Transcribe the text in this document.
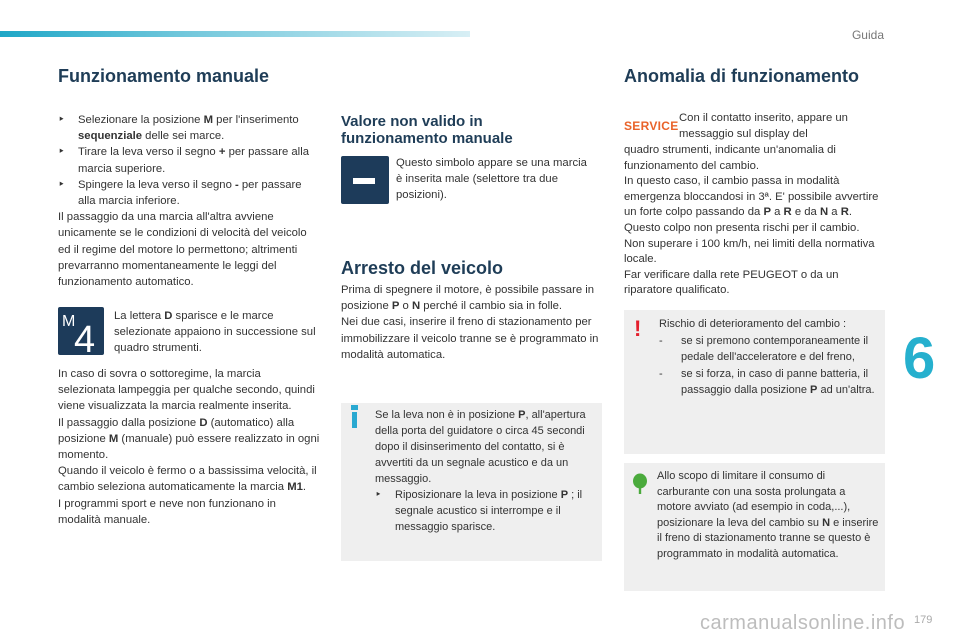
Guida
6
carmanualsonline.info 179
Funzionamento manuale
‣ Selezionare la posizione M per l'inserimento sequenziale delle sei marce.
‣ Tirare la leva verso il segno + per passare alla marcia superiore.
‣ Spingere la leva verso il segno - per passare alla marcia inferiore.

Il passaggio da una marcia all'altra avviene unicamente se le condizioni di velocità del veicolo ed il regime del motore lo permettono; altrimenti prevarranno momentaneamente le leggi del funzionamento automatico.

M
4
La lettera D sparisce e le marce selezionate appaiono in successione sul quadro strumenti.

In caso di sovra o sottoregime, la marcia selezionata lampeggia per qualche secondo, quindi viene visualizzata la marcia realmente inserita.

Il passaggio dalla posizione D (automatico) alla posizione M (manuale) può essere realizzato in ogni momento.

Quando il veicolo è fermo o a bassissima velocità, il cambio seleziona automaticamente la marcia M1.

I programmi sport e neve non funzionano in modalità manuale.

Valore non valido in funzionamento manuale
Questo simbolo appare se una marcia è inserita male (selettore tra due posizioni).
Arresto del veicolo

Prima di spegnere il motore, è possibile passare in posizione P o N perché il cambio sia in folle.

Nei due casi, inserire il freno di stazionamento per immobilizzare il veicolo tranne se è programmato in modalità automatica.

Se la leva non è in posizione P, all'apertura della porta del guidatore o circa 45 secondi dopo il disinserimento del contatto, si è avvertiti da un segnale acustico e da un messaggio.

‣ Riposizionare la leva in posizione P ; il segnale acustico si interrompe e il messaggio sparisce.
Anomalia di funzionamento
SERVICE
Con il contatto inserito, appare un messaggio sul display del

quadro strumenti, indicante un'anomalia di funzionamento del cambio.

In questo caso, il cambio passa in modalità emergenza bloccandosi in 3ª. E' possibile avvertire un forte colpo passando da P a R e da N a R. Questo colpo non presenta rischi per il cambio.

Non superare i 100 km/h, nei limiti della normativa locale.

Far verificare dalla rete PEUGEOT o da un riparatore qualificato.

! Rischio di deterioramento del cambio :

- se si premono contemporaneamente il pedale dell'acceleratore e del freno,
- se si forza, in caso di panne batteria, il passaggio dalla posizione P ad un'altra.
Allo scopo di limitare il consumo di carburante con una sosta prolungata a motore avviato (ad esempio in coda,...), posizionare la leva del cambio su N e inserire il freno di stazionamento tranne se questo è programmato in modalità automatica.
